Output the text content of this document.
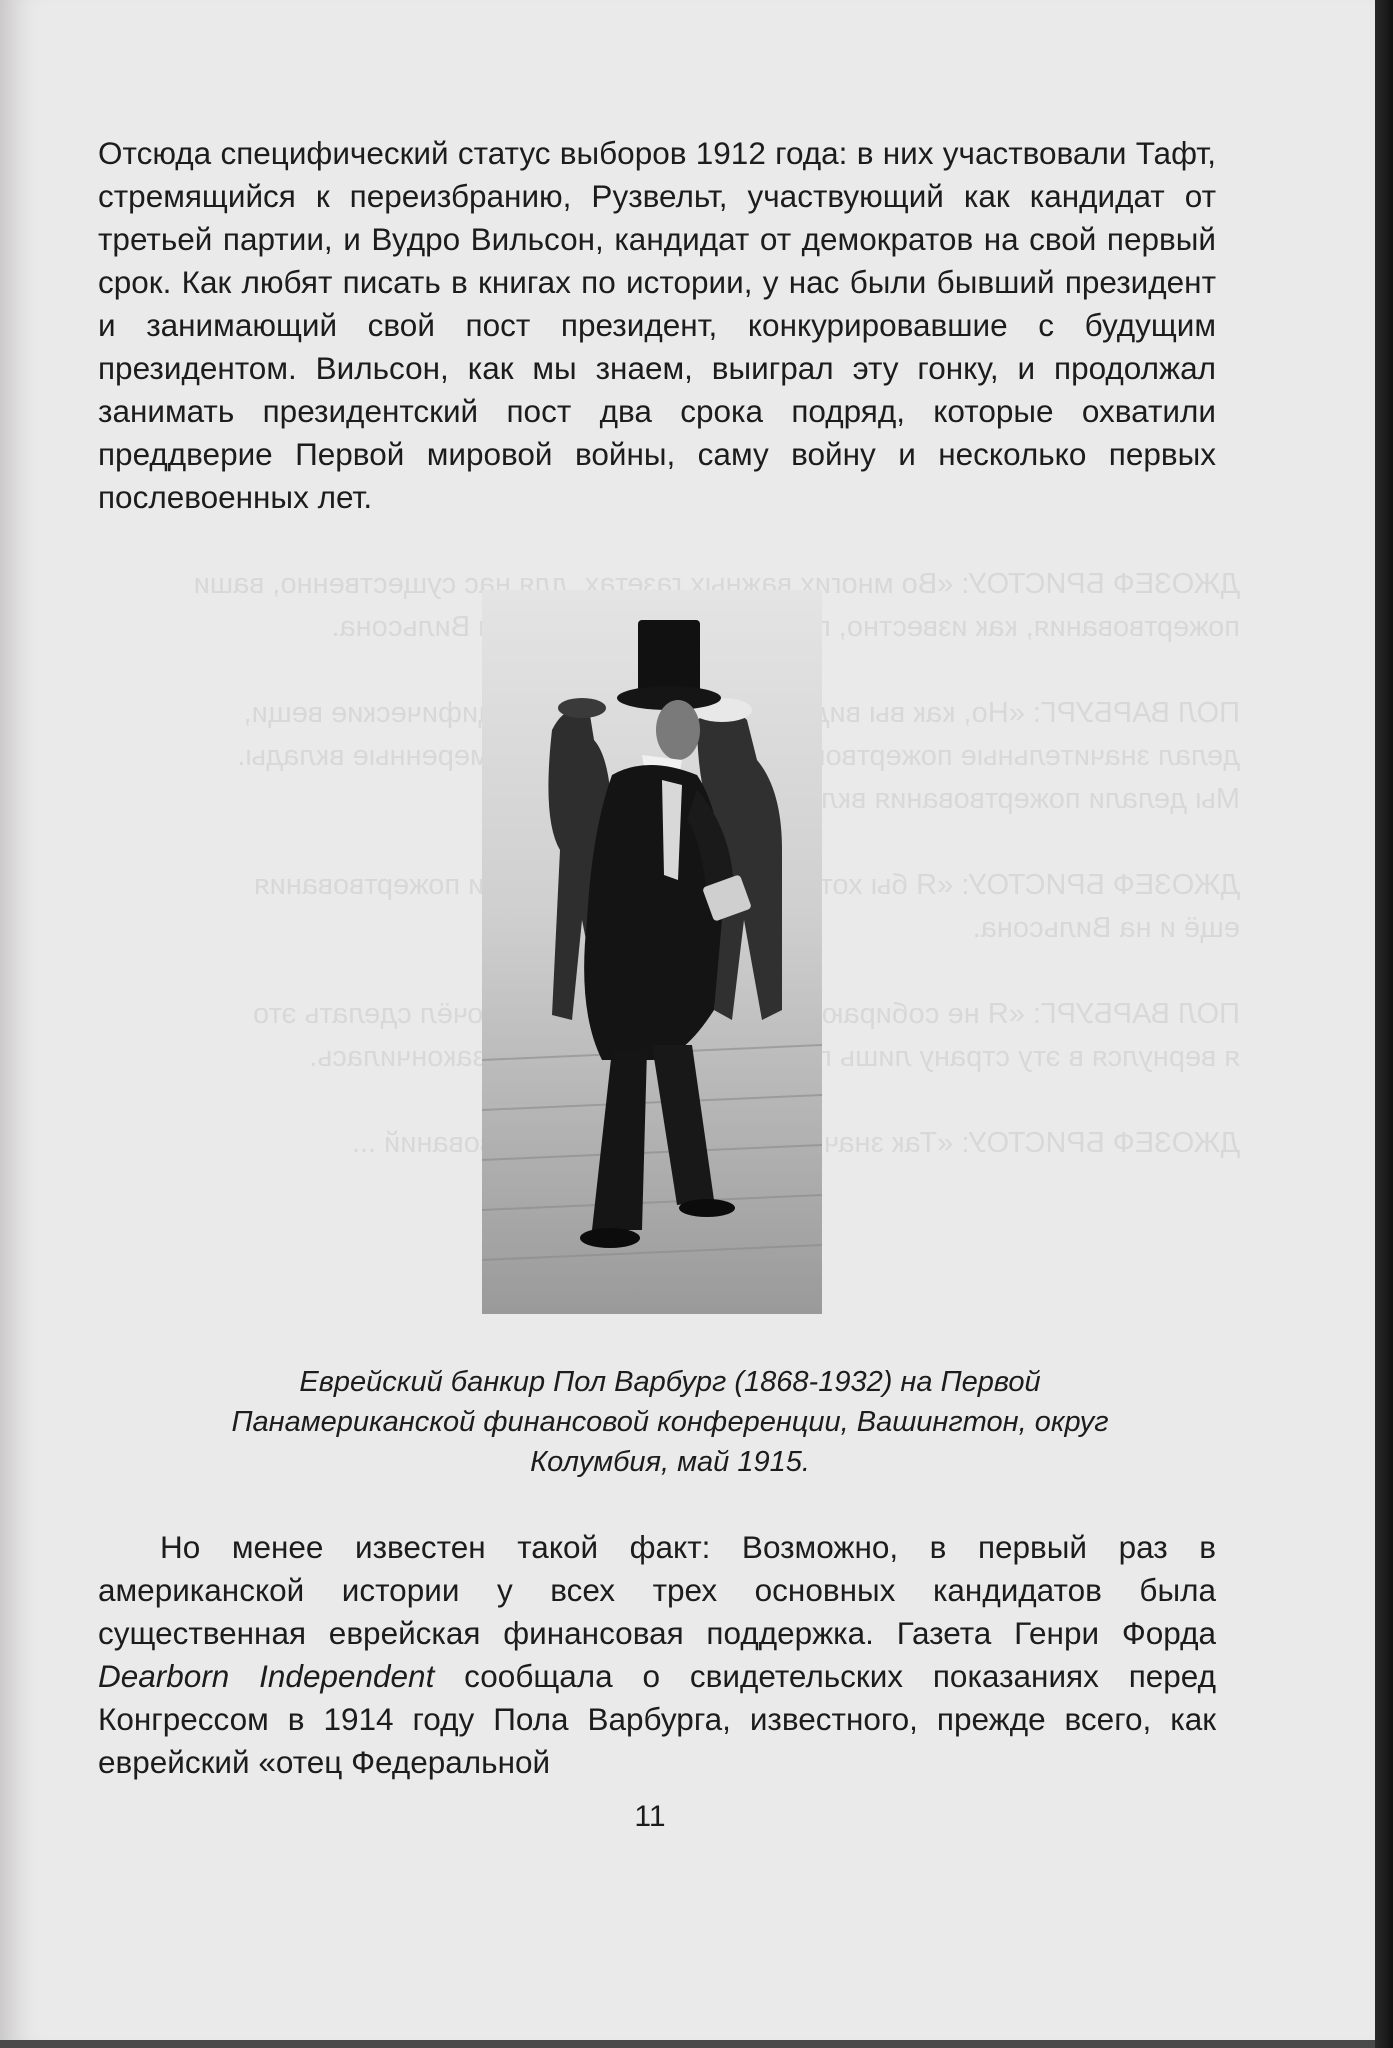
ДЖОЗЕФ БРИСТОУ: «Во многих важных газетах, для нас существенно, ваши
пожертвования, как известно,     Вильсона.

ПОЛ ВАРБУРГ: «Но, как вы     специфические вещи,
делал значительные пожертвования,   умеренные вклады.
Мы делали пожертвования

ДЖОЗЕФ БРИСТОУ: «Я бы хотел     пожертвования
ещё и на Вильсона.

ПОЛ ВАРБУРГ: «Я не собираюсь      сделать это
я вернулся в эту страну лишь     закончилась.

ДЖОЗЕФ БРИСТОУ: «Так значит,     ...

Отсюда специфический статус выборов 1912 года: в них участвовали Тафт, стремящийся к переизбранию, Рузвельт, участвующий как кандидат от третьей партии, и Вудро Вильсон, кандидат от демократов на свой первый срок. Как любят писать в книгах по истории, у нас были бывший президент и занимающий свой пост президент, конкурировавшие с будущим президентом. Вильсон, как мы знаем, выиграл эту гонку, и продолжал занимать президентский пост два срока подряд, которые охватили преддверие Первой мировой войны, саму войну и несколько первых послевоенных лет.
Еврейский банкир Пол Варбург (1868-1932) на Первой
Панамериканской финансовой конференции, Вашингтон, округ
Колумбия, май 1915.
Но менее известен такой факт: Возможно, в первый раз в американской истории у всех трех основных кандидатов была существенная еврейская финансовая поддержка. Газета Генри Форда Dearborn Independent сообщала о свидетельских показаниях перед Конгрессом в 1914 году Пола Варбурга, известного, прежде всего, как еврейский «отец Федеральной
11
